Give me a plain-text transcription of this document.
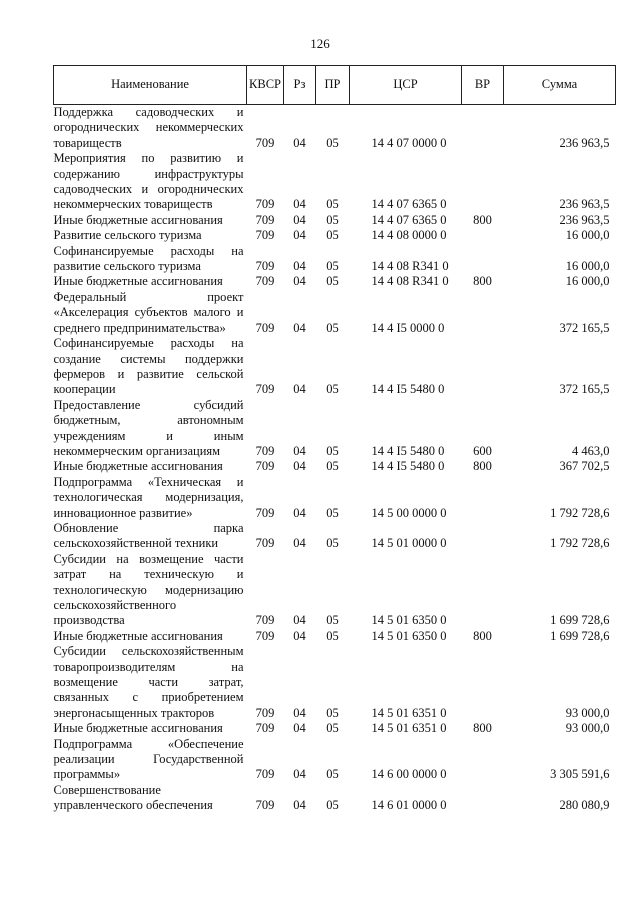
126
Наименование	КВСР	Рз	ПР	ЦСР	ВР	Сумма
Поддержка садоводческих и огороднических некоммерческих товариществ	709	04	05	14 4 07 0000 0		236 963,5
Мероприятия по развитию и содержанию инфраструктуры садоводческих и огороднических некоммерческих товариществ	709	04	05	14 4 07 6365 0		236 963,5
Иные бюджетные ассигнования	709	04	05	14 4 07 6365 0	800	236 963,5
Развитие сельского туризма	709	04	05	14 4 08 0000 0		16 000,0
Софинансируемые расходы на развитие сельского туризма	709	04	05	14 4 08 R341 0		16 000,0
Иные бюджетные ассигнования	709	04	05	14 4 08 R341 0	800	16 000,0
Федеральный проект «Акселерация субъектов малого и среднего предпринимательства»	709	04	05	14 4 I5 0000 0		372 165,5
Софинансируемые расходы на создание системы поддержки фермеров и развитие сельской кооперации	709	04	05	14 4 I5 5480 0		372 165,5
Предоставление субсидий бюджетным, автономным учреждениям и иным некоммерческим организациям	709	04	05	14 4 I5 5480 0	600	4 463,0
Иные бюджетные ассигнования	709	04	05	14 4 I5 5480 0	800	367 702,5
Подпрограмма «Техническая и технологическая модернизация, инновационное развитие»	709	04	05	14 5 00 0000 0		1 792 728,6
Обновление парка сельскохозяйственной техники	709	04	05	14 5 01 0000 0		1 792 728,6
Субсидии на возмещение части затрат на техническую и технологическую модернизацию сельскохозяйственного производства	709	04	05	14 5 01 6350 0		1 699 728,6
Иные бюджетные ассигнования	709	04	05	14 5 01 6350 0	800	1 699 728,6
Субсидии сельскохозяйственным товаропроизводителям на возмещение части затрат, связанных с приобретением энергонасыщенных тракторов	709	04	05	14 5 01 6351 0		93 000,0
Иные бюджетные ассигнования	709	04	05	14 5 01 6351 0	800	93 000,0
Подпрограмма «Обеспечение реализации Государственной программы»	709	04	05	14 6 00 0000 0		3 305 591,6
Совершенствование управленческого обеспечения	709	04	05	14 6 01 0000 0		280 080,9
